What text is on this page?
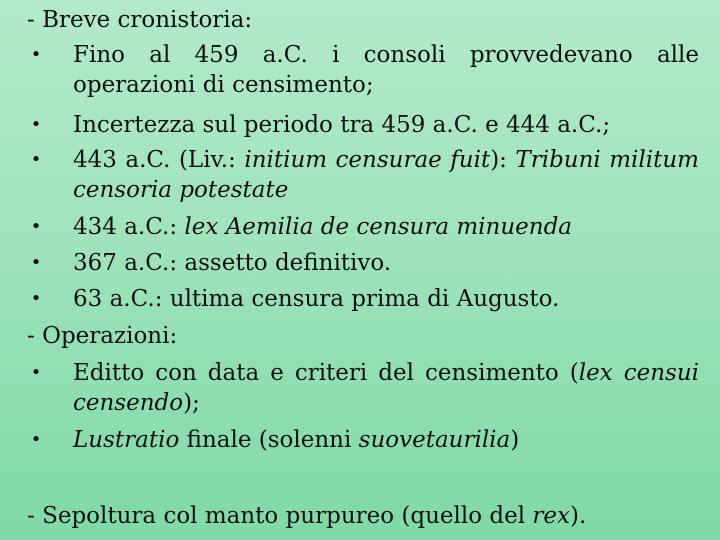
- Breve cronistoria:
• Fino al 459 a.C. i consoli provvedevano alle
operazioni di censimento;
• Incertezza sul periodo tra 459 a.C. e 444 a.C.;
• 443 a.C. (Liv.: initium censurae fuit): Tribuni militum
censoria potestate
• 434 a.C.: lex Aemilia de censura minuenda
• 367 a.C.: assetto definitivo.
• 63 a.C.: ultima censura prima di Augusto.
- Operazioni:
• Editto con data e criteri del censimento (lex censui
censendo);
• Lustratio finale (solenni suovetaurilia)
- Sepoltura col manto purpureo (quello del rex).
